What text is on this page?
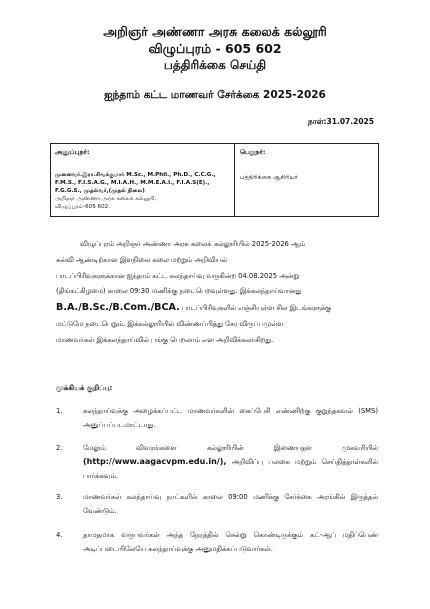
அறிஞர் அண்ணா அரசு கலைக் கல்லூரி
விழுப்புரம் - 605 602
பத்திரிக்கை செய்தி
ஐந்தாம் கட்ட மாணவர் சேர்க்கை 2025-2026
நாள்:31.07.2025
அனுப்புநர்:	பெறுநர்:
முனைவர்.இரா.சிவக்குமார் M.Sc., M.Phil., Ph.D., C.C.G.,
F.M.S., F.I.S.A.G., M.I.A.H., M.M.E.A.I., F.I.A.S(E).,
F.G.G.S., முதல்வர்,(முதல் நிலை)
அறிஞர் அண்ணா அரசு கலைக் கல்லூரி,
விழுப்புரம்-605 602.
பத்திரிக்கை ஆசிரியர்
விழுப்புரம் அறிஞர் அண்ணா அரசு கலைக் கல்லூரியில் 2025-2026 ஆம்
கல்வி ஆண்டிற்கான இளநிலை கலை மற்றும் அறிவியல்
பாடப்பிரிவுகளுக்கான ஐந்தாம் கட்ட கலந்தாய்வு வருகின்ற 04.08.2025 அன்று
(திங்கட்கிழமை) காலை 09:30 மணிக்கு நடைபெறவுள்ளது. இக்கலந்தாய்வானது
B.A./B.Sc./B.Com./BCA. பாடப்பிரிவுகளில் எஞ்சியுள்ள சில இடங்களுக்கு
மட்டுமே நடைபெறும். இக்கல்லூரியில் விண்ணப்பித்து சேர விருப்பமுள்ள
மாணவர்கள் இக்கலந்தாய்வில் பங்கு பெறலாம் என அறிவிக்கலாகிறது.
முக்கியக் குறிப்பு:
1.	கலந்தாய்வுக்கு அழைக்கப்பட்ட மாணவர்களின் கைப்பேசி எண்ணிற்கு குறுந்தகவல் (SMS) அனுப்பப்படமாட்டாது.
2.	மேலும் விவரங்களை கல்லூரியின் இணையதள முகவரியில் (http://www.aagacvpm.edu.in/), அறிவிப்பு பலகை மற்றும் செய்தித்தாள்களில் பார்க்கவும்.
3.	மாணவர்கள் கலந்தாய்வு நாட்களில் காலை 09:00 மணிக்கு சேர்க்கை அரங்கில் இருத்தல் வேண்டும்.
4.	தாமதமாக வருபவர்கள் அந்த நேரத்தில் சென்று கொண்டிருக்கும் கட்-ஆப் மதிப்பெண் அடிப்படையிலேயே கலந்தாய்வுக்கு அனுமதிக்கப்படுவார்கள்.
